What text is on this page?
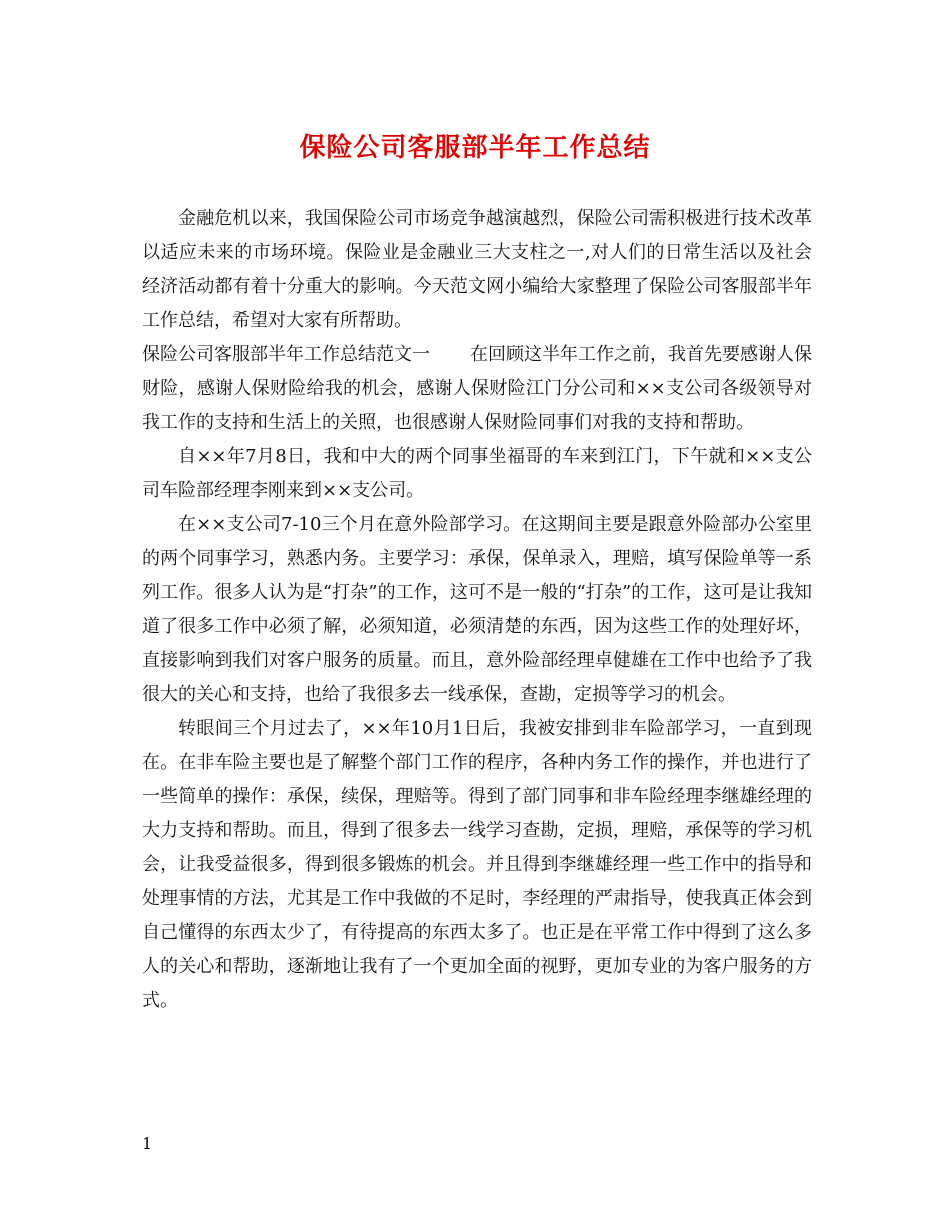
保险公司客服部半年工作总结

金融危机以来，我国保险公司市场竞争越演越烈，保险公司需积极进行技术改革以适应未来的市场环境。保险业是金融业三大支柱之一,对人们的日常生活以及社会经济活动都有着十分重大的影响。今天范文网小编给大家整理了保险公司客服部半年工作总结，希望对大家有所帮助。

保险公司客服部半年工作总结范文一 在回顾这半年工作之前，我首先要感谢人保财险，感谢人保财险给我的机会，感谢人保财险江门分公司和××支公司各级领导对我工作的支持和生活上的关照，也很感谢人保财险同事们对我的支持和帮助。

自××年7月8日，我和中大的两个同事坐福哥的车来到江门，下午就和××支公司车险部经理李刚来到××支公司。

在××支公司7-10三个月在意外险部学习。在这期间主要是跟意外险部办公室里的两个同事学习，熟悉内务。主要学习：承保，保单录入，理赔，填写保险单等一系列工作。很多人认为是“打杂”的工作，这可不是一般的“打杂”的工作，这可是让我知道了很多工作中必须了解，必须知道，必须清楚的东西，因为这些工作的处理好坏，直接影响到我们对客户服务的质量。而且，意外险部经理卓健雄在工作中也给予了我很大的关心和支持，也给了我很多去一线承保，查勘，定损等学习的机会。

转眼间三个月过去了，××年10月1日后，我被安排到非车险部学习，一直到现在。在非车险主要也是了解整个部门工作的程序，各种内务工作的操作，并也进行了一些简单的操作：承保，续保，理赔等。得到了部门同事和非车险经理李继雄经理的大力支持和帮助。而且，得到了很多去一线学习查勘，定损，理赔，承保等的学习机会，让我受益很多，得到很多锻炼的机会。并且得到李继雄经理一些工作中的指导和处理事情的方法，尤其是工作中我做的不足时，李经理的严肃指导，使我真正体会到自己懂得的东西太少了，有待提高的东西太多了。也正是在平常工作中得到了这么多人的关心和帮助，逐渐地让我有了一个更加全面的视野，更加专业的为客户服务的方式。

1
